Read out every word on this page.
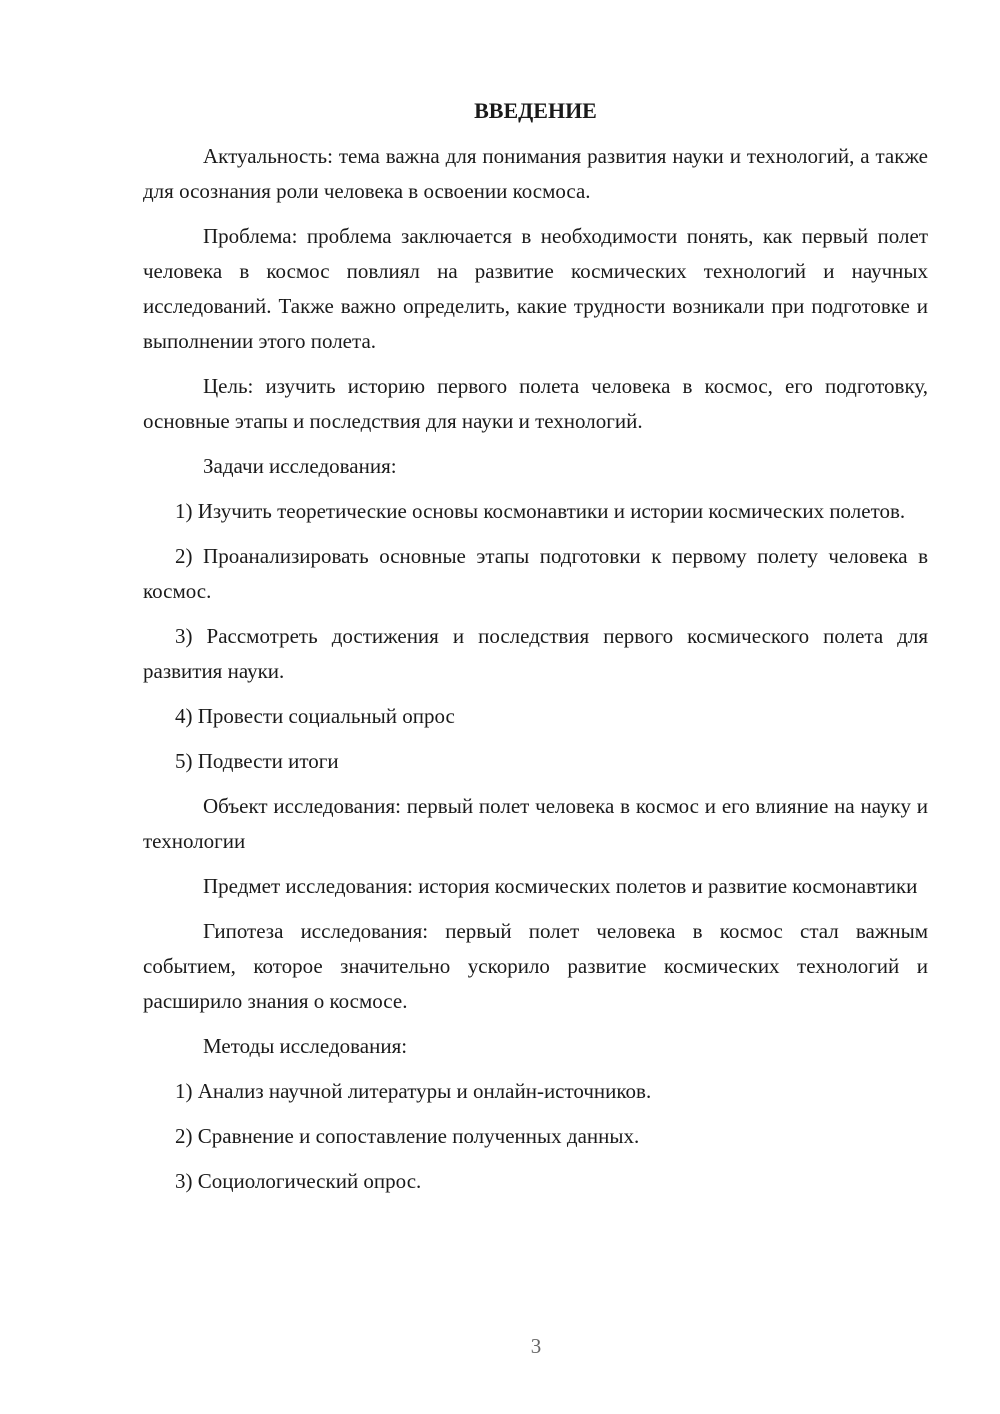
ВВЕДЕНИЕ

Актуальность: тема важна для понимания развития науки и технологий, а также для осознания роли человека в освоении космоса.

Проблема: проблема заключается в необходимости понять, как первый полет человека в космос повлиял на развитие космических технологий и научных исследований. Также важно определить, какие трудности возникали при подготовке и выполнении этого полета.

Цель: изучить историю первого полета человека в космос, его подготовку, основные этапы и последствия для науки и технологий.

Задачи исследования:

1) Изучить теоретические основы космонавтики и истории космических полетов.

2) Проанализировать основные этапы подготовки к первому полету человека в космос.

3) Рассмотреть достижения и последствия первого космического полета для развития науки.

4) Провести социальный опрос

5) Подвести итоги

Объект исследования: первый полет человека в космос и его влияние на науку и технологии

Предмет исследования: история космических полетов и развитие космонавтики

Гипотеза исследования: первый полет человека в космос стал важным событием, которое значительно ускорило развитие космических технологий и расширило знания о космосе.

Методы исследования:

1) Анализ научной литературы и онлайн-источников.

2) Сравнение и сопоставление полученных данных.

3) Социологический опрос.

3
